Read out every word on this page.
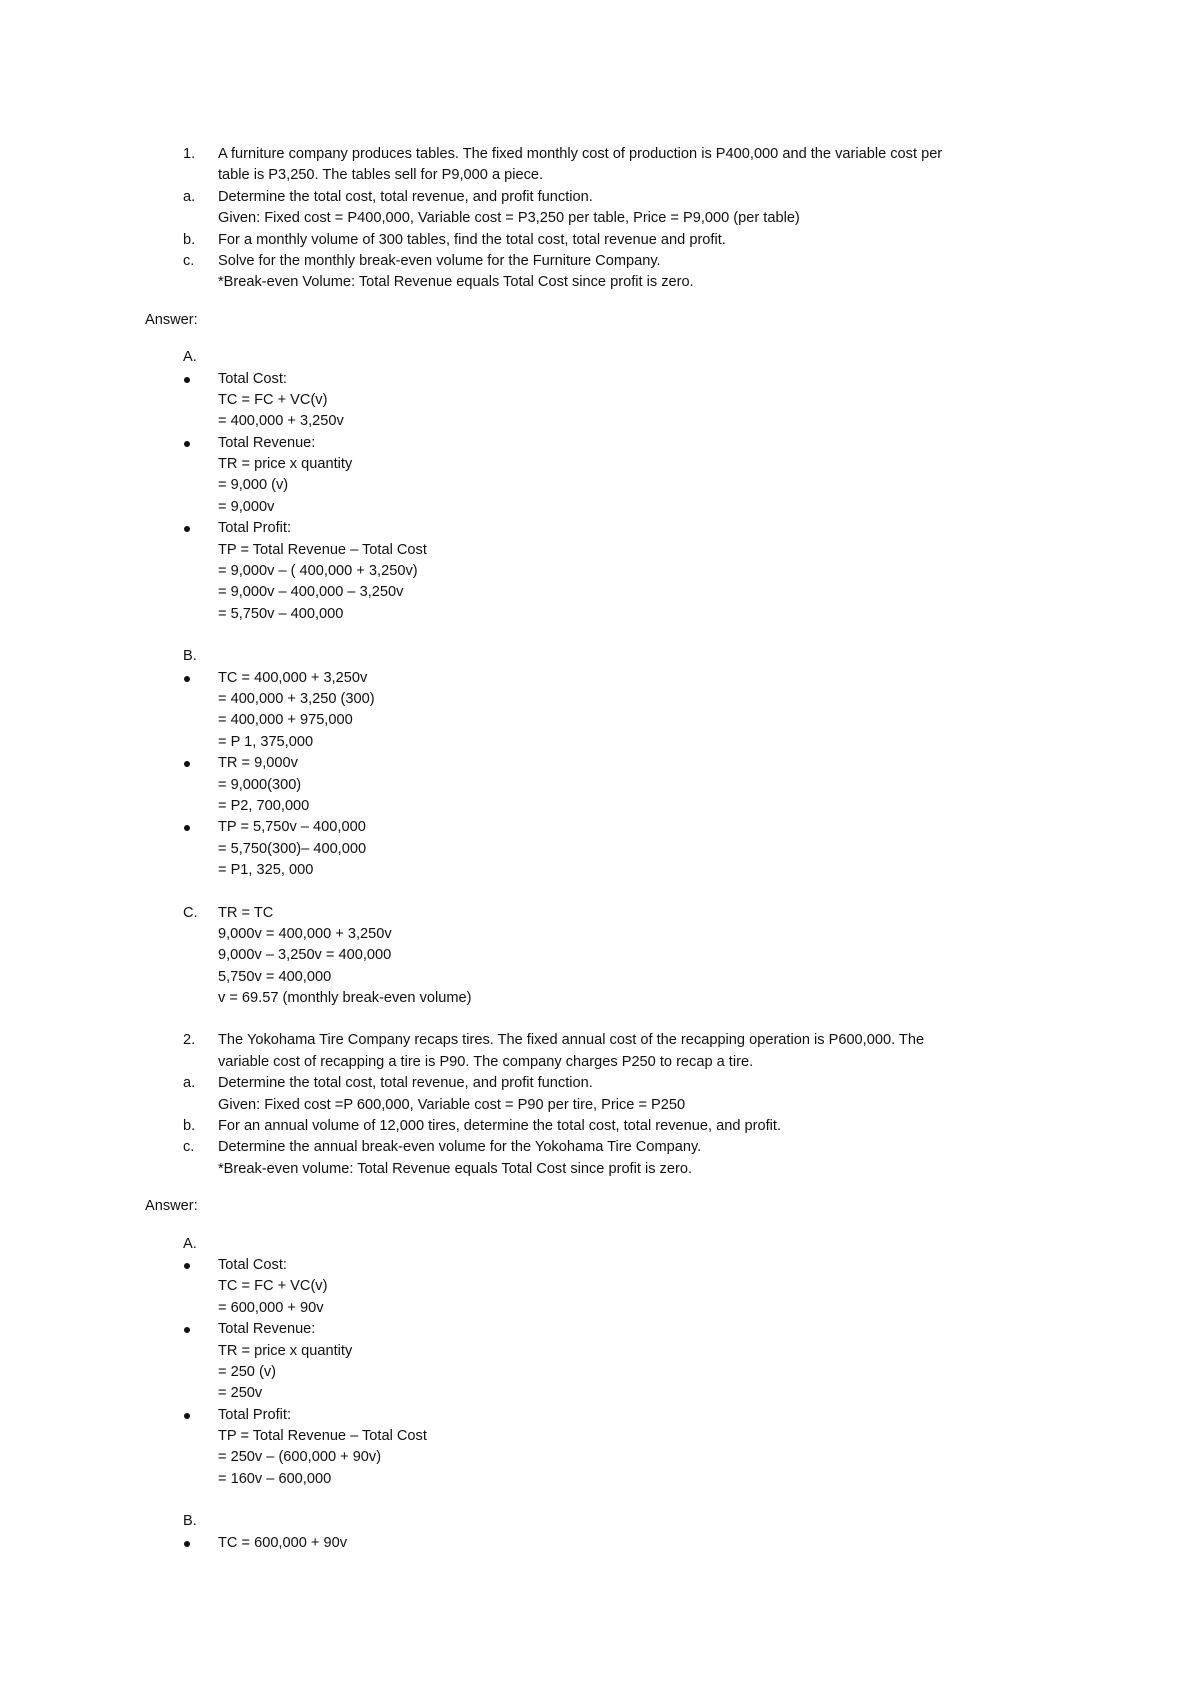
1. A furniture company produces tables. The fixed monthly cost of production is P400,000 and the variable cost per
table is P3,250. The tables sell for P9,000 a piece.
a. Determine the total cost, total revenue, and profit function.
Given: Fixed cost = P400,000, Variable cost = P3,250 per table, Price = P9,000 (per table)
b. For a monthly volume of 300 tables, find the total cost, total revenue and profit.
c. Solve for the monthly break-even volume for the Furniture Company.
*Break-even Volume: Total Revenue equals Total Cost since profit is zero.
Answer:
A.
Total Cost:
TC = FC + VC(v)
= 400,000 + 3,250v
Total Revenue:
TR = price x quantity
= 9,000 (v)
= 9,000v
Total Profit:
TP = Total Revenue – Total Cost
= 9,000v – ( 400,000 + 3,250v)
= 9,000v – 400,000 – 3,250v
= 5,750v – 400,000
B.
TC = 400,000 + 3,250v
= 400,000 + 3,250 (300)
= 400,000 + 975,000
= P 1, 375,000
TR = 9,000v
= 9,000(300)
= P2, 700,000
TP = 5,750v – 400,000
= 5,750(300)– 400,000
= P1, 325, 000
C. TR = TC
9,000v = 400,000 + 3,250v
9,000v – 3,250v = 400,000
5,750v = 400,000
v = 69.57 (monthly break-even volume)
2. The Yokohama Tire Company recaps tires. The fixed annual cost of the recapping operation is P600,000. The
variable cost of recapping a tire is P90. The company charges P250 to recap a tire.
a. Determine the total cost, total revenue, and profit function.
Given: Fixed cost =P 600,000, Variable cost = P90 per tire, Price = P250
b. For an annual volume of 12,000 tires, determine the total cost, total revenue, and profit.
c. Determine the annual break-even volume for the Yokohama Tire Company.
*Break-even volume: Total Revenue equals Total Cost since profit is zero.
Answer:
A.
Total Cost:
TC = FC + VC(v)
= 600,000 + 90v
Total Revenue:
TR = price x quantity
= 250 (v)
= 250v
Total Profit:
TP = Total Revenue – Total Cost
= 250v – (600,000 + 90v)
= 160v – 600,000
B.
TC = 600,000 + 90v
